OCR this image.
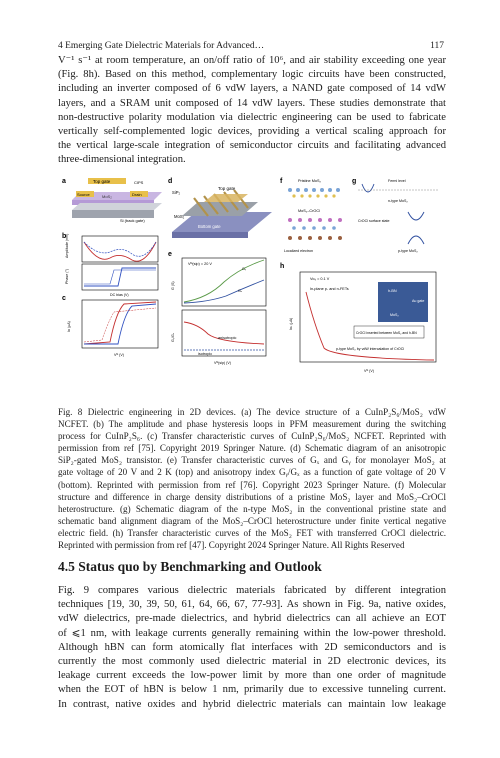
4 Emerging Gate Dielectric Materials for Advanced…	117
V⁻¹ s⁻¹ at room temperature, an on/off ratio of 10⁶, and air stability exceeding one year
(Fig. 8h). Based on this method, complementary logic circuits have been constructed,
including an inverter composed of 6 vdW layers, a NAND gate composed of 14 vdW
layers, and a SRAM unit composed of 14 vdW layers. These studies demonstrate that
non-destructive polarity modulation via dielectric engineering can be used to fabricate
vertically self-complemented logic devices, providing a vertical scaling approach for
the vertical large-scale integration of semiconductor circuits and facilitating advanced
three-dimensional integration.
a
b
c
d
e
f	g
h
Top gate	CIPS
Source	Drain
MoS₂
Si (back gate)
Amplitude (nm)
Phase (°)
DC bias (V)
Iᴅ (μA)
Vᴳ (V)
Bottom gate
Top gate
SiP₂
MoS₂
Vᴳ(sip) = 20 V
Gᵧ
Gₓ
G (S)
anisotropic
isotropic
Gᵧ/Gₓ
Vᴳ(sip) (V)
Pristine MoS₂
MoS₂–CrOCl
Localized electron
Fermi level
n-type MoS₂
CrOCl surface state
p-type MoS₂
Vᴅₛ = 0.1 V
In-plane p- and n-FETs	h-BN
Au gate
MoS₂
CrOCl inserted between MoS₂ and h-BN
p-type MoS₂ by vdW intercalation of CrOCl
Iᴅₛ (μA)
Vᴳ (V)
Fig. 8 Dielectric engineering in 2D devices. (a) The device structure of a CuInP₂S₆/MoS₂ vdW
NCFET. (b) The amplitude and phase hysteresis loops in PFM measurement during the switching
process for CuInP₂S₆. (c) Transfer characteristic curves of CuInP₂S₆/MoS₂ NCFET. Reprinted with
permission from ref [75]. Copyright 2019 Springer Nature. (d) Schematic diagram of an anisotropic
SiP₂-gated MoS₂ transistor. (e) Transfer characteristic curves of Gₓ and Gᵧ for monolayer MoS₂ at
gate voltage of 20 V and 2 K (top) and anisotropy index Gᵧ/Gₓ as a function of gate voltage of 20 V
(bottom). Reprinted with permission from ref [76]. Copyright 2023 Springer Nature. (f) Molecular
structure and difference in charge density distributions of a pristine MoS₂ layer and MoS₂–CrOCl
heterostructure. (g) Schematic diagram of the n-type MoS₂ in the conventional pristine state and
schematic band alignment diagram of the MoS₂–CrOCl heterostructure under finite vertical negative
electric field. (h) Transfer characteristic curves of the MoS₂ FET with transferred CrOCl dielectric.
Reprinted with permission from ref [47]. Copyright 2024 Springer Nature. All Rights Reserved
4.5 Status quo by Benchmarking and Outlook
Fig. 9 compares various dielectric materials fabricated by different integration
techniques [19, 30, 39, 50, 61, 64, 66, 67, 77-93]. As shown in Fig. 9a, native oxides,
vdW dielectrics, pre-made dielectrics, and hybrid dielectrics can all achieve an EOT
of ⩽1 nm, with leakage currents generally remaining within the low-power threshold.
Although hBN can form atomically flat interfaces with 2D semiconductors and is
currently the most commonly used dielectric material in 2D electronic devices, its
leakage current exceeds the low-power limit by more than one order of magnitude
when the EOT of hBN is below 1 nm, primarily due to excessive tunneling current.
In contrast, native oxides and hybrid dielectric materials can maintain low leakage
